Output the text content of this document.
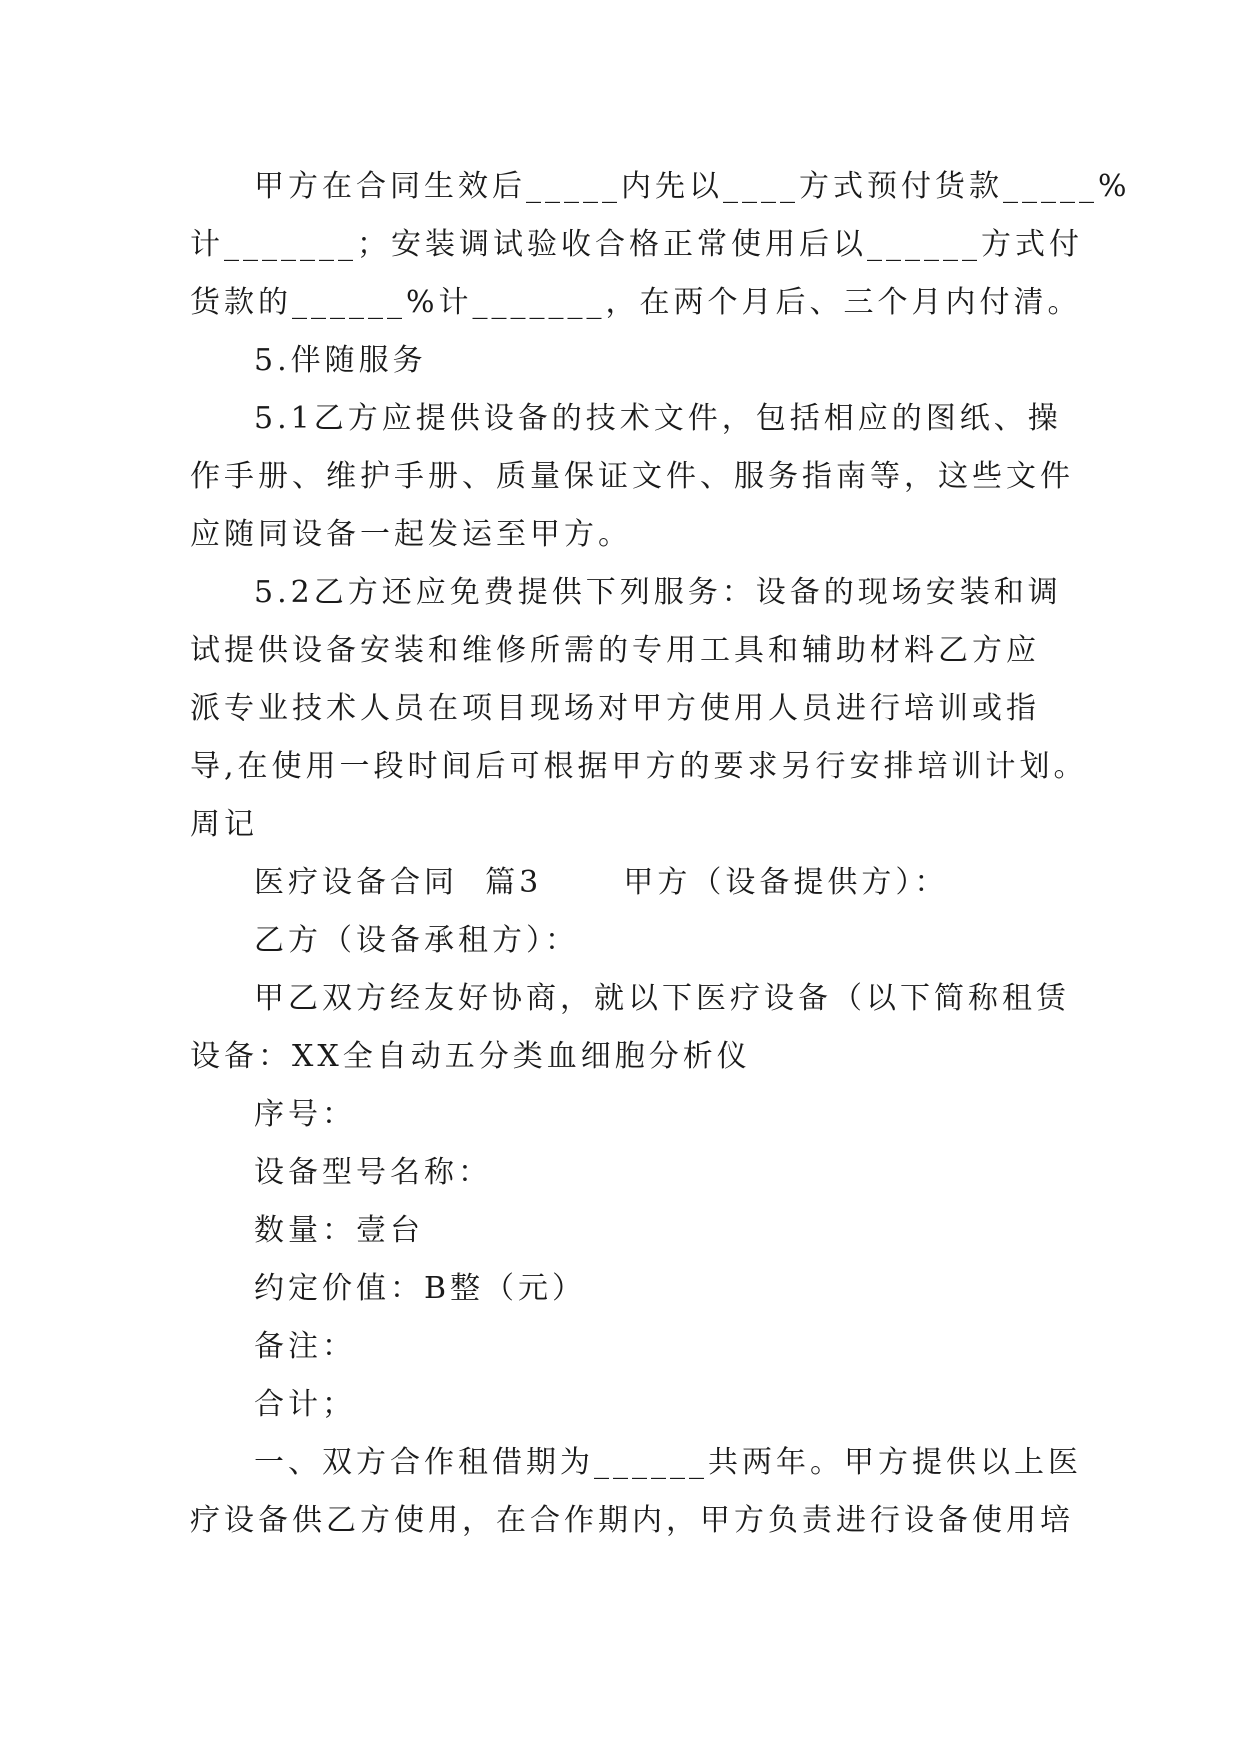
甲方在合同生效后_____内先以____方式预付货款_____%
计_______；安装调试验收合格正常使用后以______方式付
货款的______%计_______，在两个月后、三个月内付清。
5.伴随服务
5.1乙方应提供设备的技术文件，包括相应的图纸、操
作手册、维护手册、质量保证文件、服务指南等，这些文件
应随同设备一起发运至甲方。
5.2乙方还应免费提供下列服务：设备的现场安装和调
试提供设备安装和维修所需的专用工具和辅助材料乙方应
派专业技术人员在项目现场对甲方使用人员进行培训或指
导,在使用一段时间后可根据甲方的要求另行安排培训计划。
周记
医疗设备合同  篇3      甲方（设备提供方）：
乙方（设备承租方）：
甲乙双方经友好协商，就以下医疗设备（以下简称租赁
设备：XX全自动五分类血细胞分析仪
序号：
设备型号名称：
数量：壹台
约定价值：B整（元）
备注：
合计；
一、双方合作租借期为______共两年。甲方提供以上医
疗设备供乙方使用，在合作期内，甲方负责进行设备使用培
